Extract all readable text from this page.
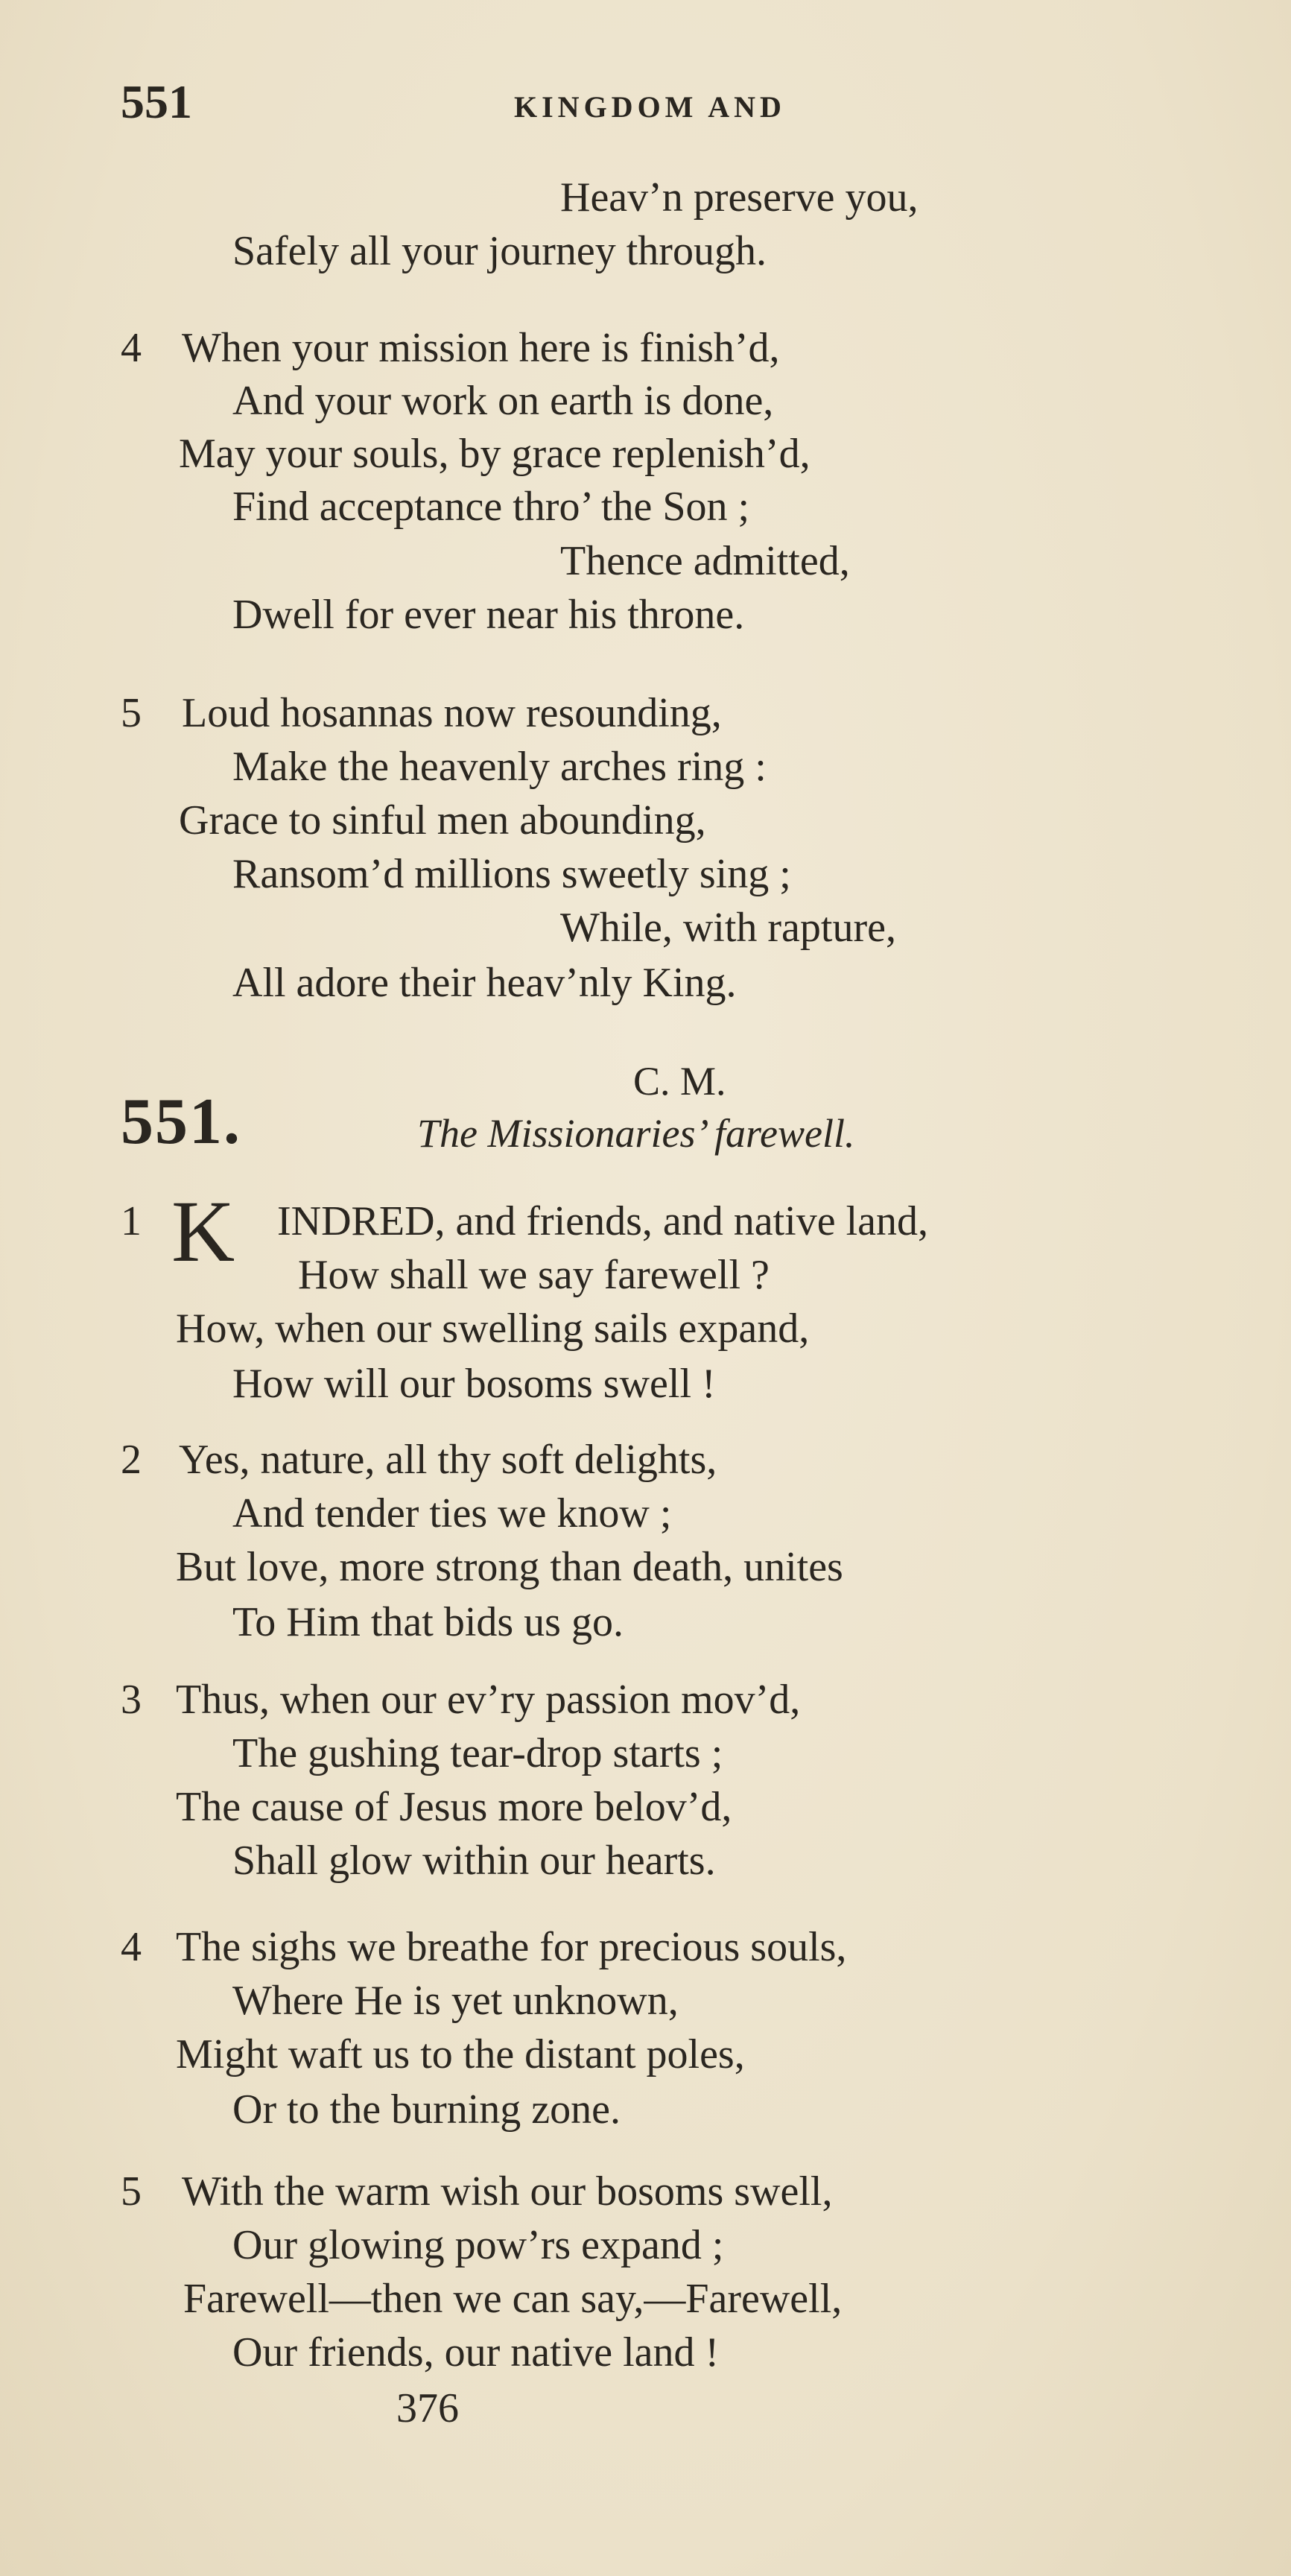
551	KINGDOM AND
Heav’n preserve you,
Safely all your journey through.
4 When your mission here is finish’d,
And your work on earth is done,
May your souls, by grace replenish’d,
Find acceptance thro’ the Son ;
Thence admitted,
Dwell for ever near his throne.
5 Loud hosannas now resounding,
Make the heavenly arches ring :
Grace to sinful men abounding,
Ransom’d millions sweetly sing ;
While, with rapture,
All adore their heav’nly King.
551.
C. M.
The Missionaries’ farewell.
1 K INDRED, and friends, and native land,
How shall we say farewell ?
How, when our swelling sails expand,
How will our bosoms swell !
2 Yes, nature, all thy soft delights,
And tender ties we know ;
But love, more strong than death, unites
To Him that bids us go.
3 Thus, when our ev’ry passion mov’d,
The gushing tear-drop starts ;
The cause of Jesus more belov’d,
Shall glow within our hearts.
4 The sighs we breathe for precious souls,
Where He is yet unknown,
Might waft us to the distant poles,
Or to the burning zone.
5 With the warm wish our bosoms swell,
Our glowing pow’rs expand ;
Farewell—then we can say,—Farewell,
Our friends, our native land !
376
